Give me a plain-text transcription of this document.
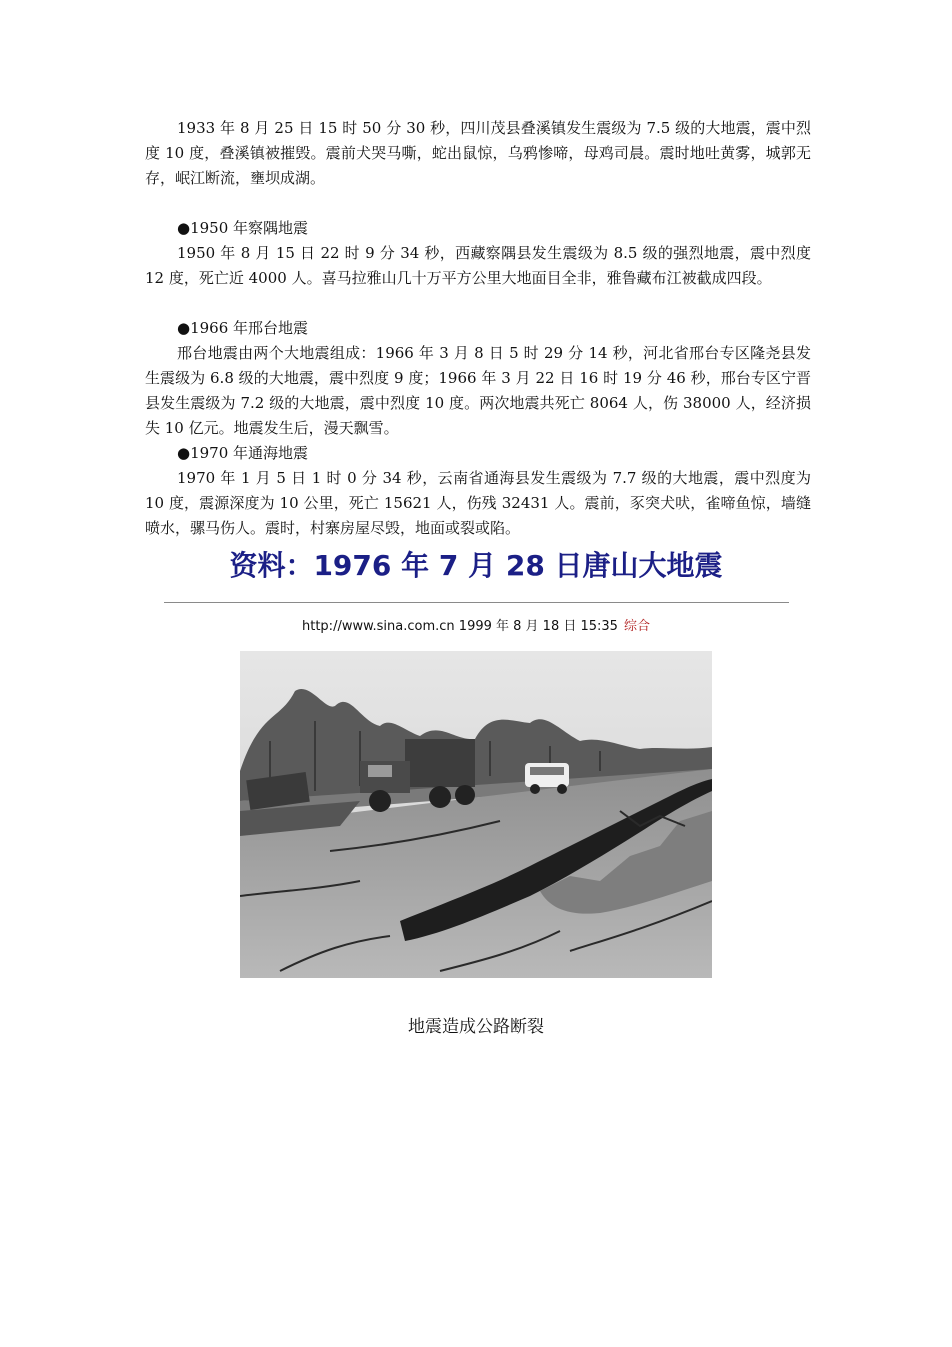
1933 年 8 月 25 日 15 时 50 分 30 秒，四川茂县叠溪镇发生震级为 7.5 级的大地震，震中烈度 10 度，叠溪镇被摧毁。震前犬哭马嘶，蛇出鼠惊，乌鸦惨啼，母鸡司晨。震时地吐黄雾，城郭无存，岷江断流，壅坝成湖。

●1950 年察隅地震

1950 年 8 月 15 日 22 时 9 分 34 秒，西藏察隅县发生震级为 8.5 级的强烈地震，震中烈度 12 度，死亡近 4000 人。喜马拉雅山几十万平方公里大地面目全非，雅鲁藏布江被截成四段。

●1966 年邢台地震

邢台地震由两个大地震组成：1966 年 3 月 8 日 5 时 29 分 14 秒，河北省邢台专区隆尧县发生震级为 6.8 级的大地震，震中烈度 9 度；1966 年 3 月 22 日 16 时 19 分 46 秒，邢台专区宁晋县发生震级为 7.2 级的大地震，震中烈度 10 度。两次地震共死亡 8064 人，伤 38000 人，经济损失 10 亿元。地震发生后，漫天飘雪。

●1970 年通海地震

1970 年 1 月 5 日 1 时 0 分 34 秒，云南省通海县发生震级为 7.7 级的大地震，震中烈度为 10 度，震源深度为 10 公里，死亡 15621 人，伤残 32431 人。震前，豕突犬吠，雀啼鱼惊，墙缝喷水，骡马伤人。震时，村寨房屋尽毁，地面或裂或陷。

资料：1976 年 7 月 28 日唐山大地震
http://www.sina.com.cn 1999 年 8 月 18 日 15:35 综合
地震造成公路断裂
